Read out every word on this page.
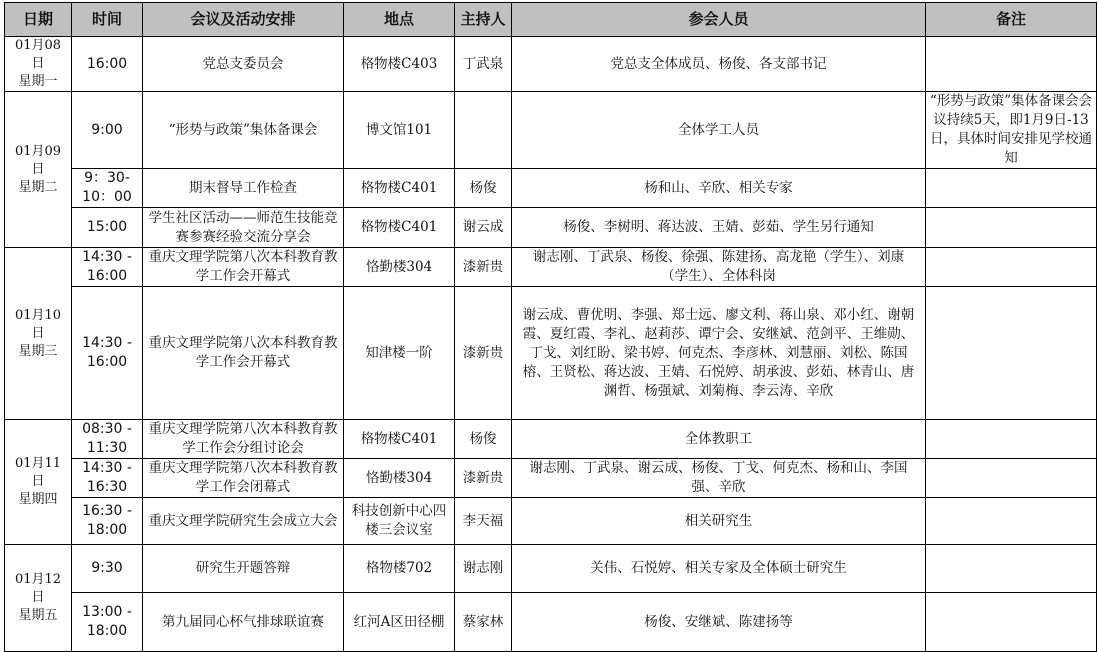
日期	时间	会议及活动安排	地点	主持人	参会人员	备注

01月08日
星期一	16:00	党总支委员会	格物楼C403	丁武泉	党总支全体成员、杨俊、各支部书记	

01月09日
星期二	9:00	“形势与政策”集体备课会	博文馆101		全体学工人员	“形势与政策”集体备课会会议持续5天，即1月9日-13日，具体时间安排见学校通知
	9：30-10：00	期末督导工作检查	格物楼C401	杨俊	杨和山、辛欣、相关专家	
	15:00	学生社区活动——师范生技能竞赛参赛经验交流分享会	格物楼C401	谢云成	杨俊、李树明、蒋达波、王婧、彭茹、学生另行通知	

01月10日
星期三	14:30 - 16:00	重庆文理学院第八次本科教育教学工作会开幕式	恪勤楼304	漆新贵	谢志刚、丁武泉、杨俊、徐强、陈建扬、高龙艳（学生）、刘康（学生）、全体科岗	
	14:30 - 16:00	重庆文理学院第八次本科教育教学工作会开幕式	知津楼一阶	漆新贵	谢云成、曹优明、李强、郑士远、廖文利、蒋山泉、邓小红、谢朝霞、夏红霞、李礼、赵莉莎、谭宁会、安继斌、范剑平、王维勋、丁戈、刘红盼、梁书婷、何克杰、李彦林、刘慧丽、刘松、陈国榕、王贤松、蒋达波、王婧、石悦婷、胡承波、彭茹、林青山、唐渊哲、杨强斌、刘菊梅、李云涛、辛欣	

01月11日
星期四	08:30 - 11:30	重庆文理学院第八次本科教育教学工作会分组讨论会	格物楼C401	杨俊	全体教职工	
	14:30 - 16:30	重庆文理学院第八次本科教育教学工作会闭幕式	恪勤楼304	漆新贵	谢志刚、丁武泉、谢云成、杨俊、丁戈、何克杰、杨和山、李国强、辛欣	
	16:30 - 18:00	重庆文理学院研究生会成立大会	科技创新中心四楼三会议室	李天福	相关研究生	

01月12日
星期五	9:30	研究生开题答辩	格物楼702	谢志刚	关伟、石悦婷、相关专家及全体硕士研究生	
	13:00 - 18:00	第九届同心杯气排球联谊赛	红河A区田径棚	蔡家林	杨俊、安继斌、陈建扬等	
